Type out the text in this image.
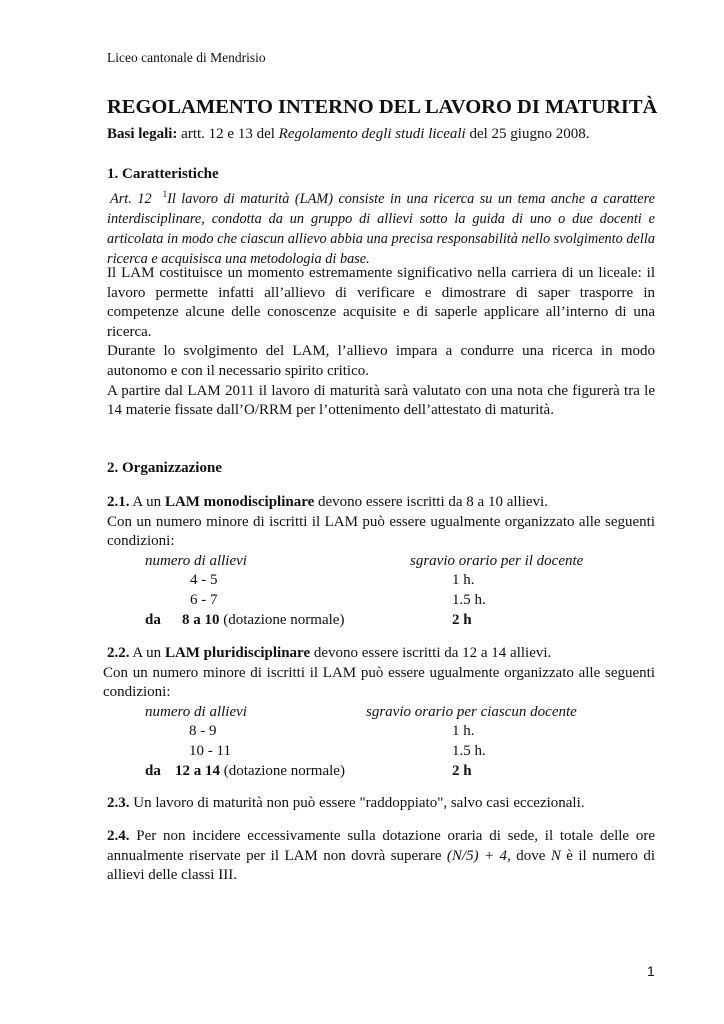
Liceo cantonale di Mendrisio
REGOLAMENTO INTERNO DEL LAVORO DI MATURITÀ
Basi legali: artt. 12 e 13 del Regolamento degli studi liceali del 25 giugno 2008.
1. Caratteristiche
Art. 12 $^1$Il lavoro di maturità (LAM) consiste in una ricerca su un tema anche a carattere interdisciplinare, condotta da un gruppo di allievi sotto la guida di uno o due docenti e articolata in modo che ciascun allievo abbia una precisa responsabilità nello svolgimento della ricerca e acquisisca una metodologia di base.

Il LAM costituisce un momento estremamente significativo nella carriera di un liceale: il lavoro permette infatti all’allievo di verificare e dimostrare di saper trasporre in competenze alcune delle conoscenze acquisite e di saperle applicare all’interno di una ricerca.

Durante lo svolgimento del LAM, l’allievo impara a condurre una ricerca in modo autonomo e con il necessario spirito critico.

A partire dal LAM 2011 il lavoro di maturità sarà valutato con una nota che figurerà tra le 14 materie fissate dall’O/RRM per l’ottenimento dell’attestato di maturità.

2. Organizzazione

2.1. A un LAM monodisciplinare devono essere iscritti da 8 a 10 allievi.

Con un numero minore di iscritti il LAM può essere ugualmente organizzato alle seguenti condizioni:

numero di allievi	sgravio orario per il docente
4 - 5	1 h.
6 - 7	1.5 h.
da 8 a 10 (dotazione normale)	2 h

2.2. A un LAM pluridisciplinare devono essere iscritti da 12 a 14 allievi.

Con un numero minore di iscritti il LAM può essere ugualmente organizzato alle seguenti condizioni:

numero di allievi	sgravio orario per ciascun docente
8 - 9	1 h.
10 - 11	1.5 h.
da 12 a 14 (dotazione normale)	2 h
2.3. Un lavoro di maturità non può essere "raddoppiato", salvo casi eccezionali.
2.4. Per non incidere eccessivamente sulla dotazione oraria di sede, il totale delle ore annualmente riservate per il LAM non dovrà superare (N/5) + 4, dove N è il numero di allievi delle classi III.
1
